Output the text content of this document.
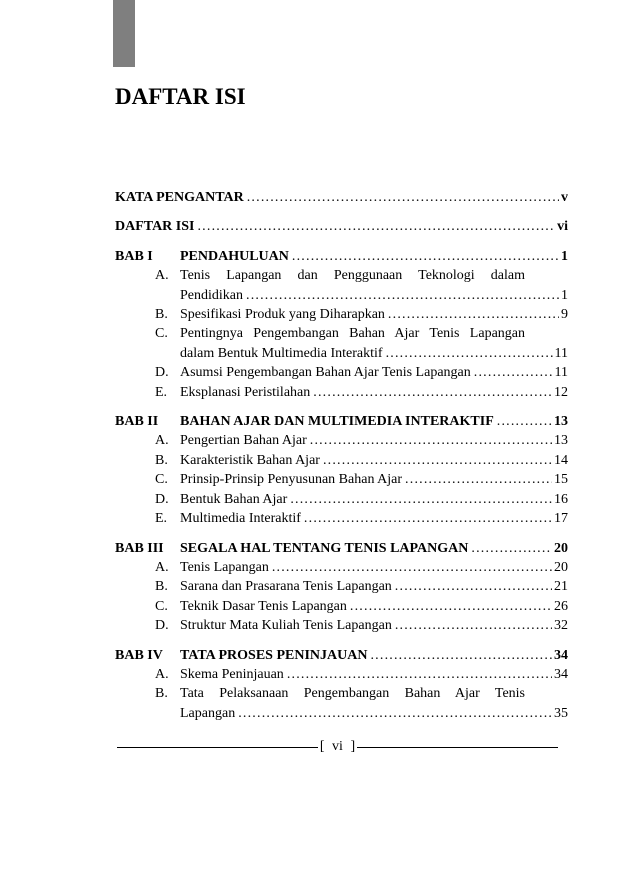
DAFTAR ISI
KATA PENGANTAR .....	v
DAFTAR ISI .....	vi
BAB I	PENDAHULUAN .....	1
A. Tenis Lapangan dan Penggunaan Teknologi dalam
Pendidikan .....	1
B. Spesifikasi Produk yang Diharapkan .....	9
C. Pentingnya Pengembangan Bahan Ajar Tenis Lapangan
dalam Bentuk Multimedia Interaktif .....	11
D. Asumsi Pengembangan Bahan Ajar Tenis Lapangan .....	11
E. Eksplanasi Peristilahan .....	12
BAB II	BAHAN AJAR DAN MULTIMEDIA INTERAKTIF .....	13
A. Pengertian Bahan Ajar .....	13
B. Karakteristik Bahan Ajar .....	14
C. Prinsip-Prinsip Penyusunan Bahan Ajar .....	15
D. Bentuk Bahan Ajar .....	16
E. Multimedia Interaktif .....	17
BAB III	SEGALA HAL TENTANG TENIS LAPANGAN .....	20
A. Tenis Lapangan .....	20
B. Sarana dan Prasarana Tenis Lapangan .....	21
C. Teknik Dasar Tenis Lapangan .....	26
D. Struktur Mata Kuliah Tenis Lapangan .....	32
BAB IV	TATA PROSES PENINJAUAN .....	34
A. Skema Peninjauan .....	34
B. Tata Pelaksanaan Pengembangan Bahan Ajar Tenis
Lapangan .....	35
[ vi ]
